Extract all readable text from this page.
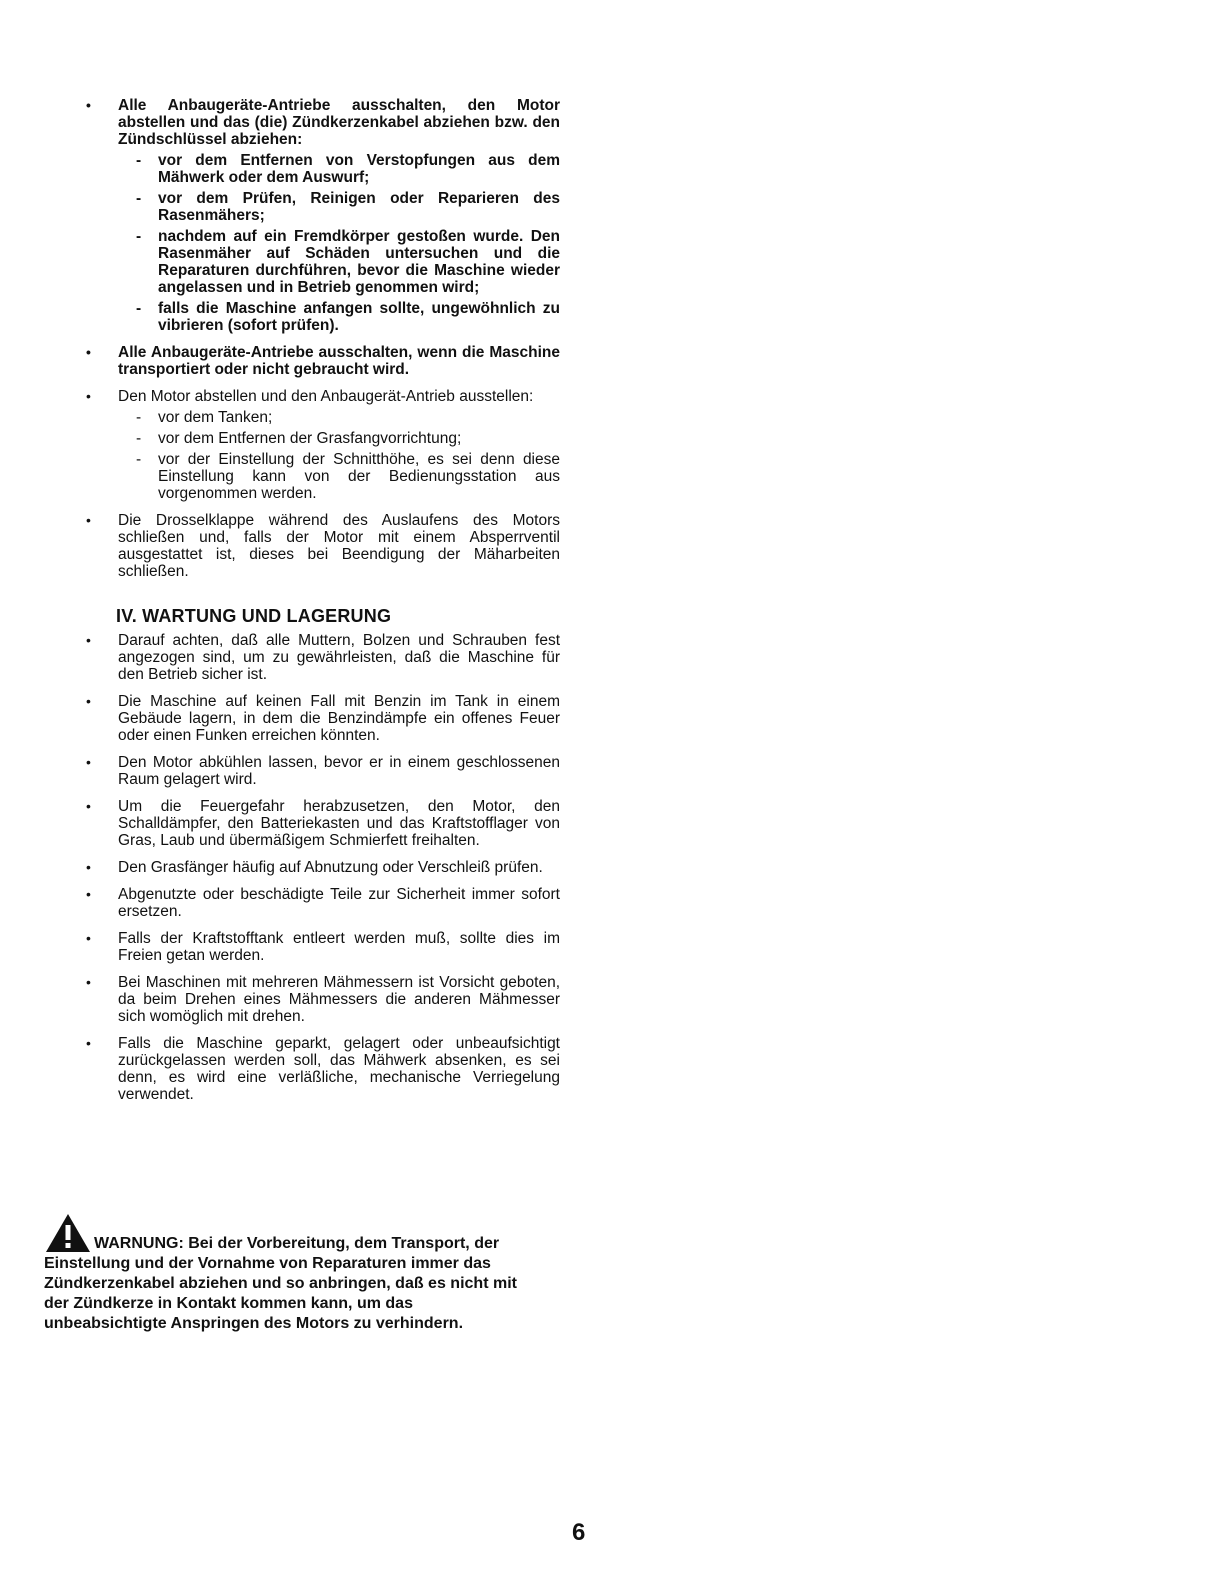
• Alle Anbaugeräte-Antriebe ausschalten, den Motor abstellen und das (die) Zündkerzenkabel abziehen bzw. den Zündschlüssel abziehen:
- vor dem Entfernen von Verstopfungen aus dem Mähwerk oder dem Auswurf;
- vor dem Prüfen, Reinigen oder Reparieren des Rasenmähers;
- nachdem auf ein Fremdkörper gestoßen wurde. Den Rasenmäher auf Schäden untersuchen und die Reparaturen durchführen, bevor die Maschine wieder angelassen und in Betrieb genommen wird;
- falls die Maschine anfangen sollte, ungewöhnlich zu vibrieren (sofort prüfen).
• Alle Anbaugeräte-Antriebe ausschalten, wenn die Maschine transportiert oder nicht gebraucht wird.
• Den Motor abstellen und den Anbaugerät-Antrieb ausstellen:
- vor dem Tanken;
- vor dem Entfernen der Grasfangvorrichtung;
- vor der Einstellung der Schnitthöhe, es sei denn diese Einstellung kann von der Bedienungsstation aus vorgenommen werden.
• Die Drosselklappe während des Auslaufens des Motors schließen und, falls der Motor mit einem Absperrventil ausgestattet ist, dieses bei Beendigung der Mäharbeiten schließen.
IV. WARTUNG UND LAGERUNG
• Darauf achten, daß alle Muttern, Bolzen und Schrauben fest angezogen sind, um zu gewährleisten, daß die Maschine für den Betrieb sicher ist.
• Die Maschine auf keinen Fall mit Benzin im Tank in einem Gebäude lagern, in dem die Benzindämpfe ein offenes Feuer oder einen Funken erreichen könnten.
• Den Motor abkühlen lassen, bevor er in einem geschlossenen Raum gelagert wird.
• Um die Feuergefahr herabzusetzen, den Motor, den Schalldämpfer, den Batteriekasten und das Kraftstofflager von Gras, Laub und übermäßigem Schmierfett freihalten.
• Den Grasfänger häufig auf Abnutzung oder Verschleiß prüfen.
• Abgenutzte oder beschädigte Teile zur Sicherheit immer sofort ersetzen.
• Falls der Kraftstofftank entleert werden muß, sollte dies im Freien getan werden.
• Bei Maschinen mit mehreren Mähmessern ist Vorsicht geboten, da beim Drehen eines Mähmessers die anderen Mähmesser sich womöglich mit drehen.
• Falls die Maschine geparkt, gelagert oder unbeaufsichtigt zurückgelassen werden soll, das Mähwerk absenken, es sei denn, es wird eine verläßliche, mechanische Verriegelung verwendet.
WARNUNG: Bei der Vorbereitung, dem Transport, der Einstellung und der Vornahme von Reparaturen immer das Zündkerzenkabel abziehen und so anbringen, daß es nicht mit der Zündkerze in Kontakt kommen kann, um das unbeabsichtigte Anspringen des Motors zu verhindern.
6
